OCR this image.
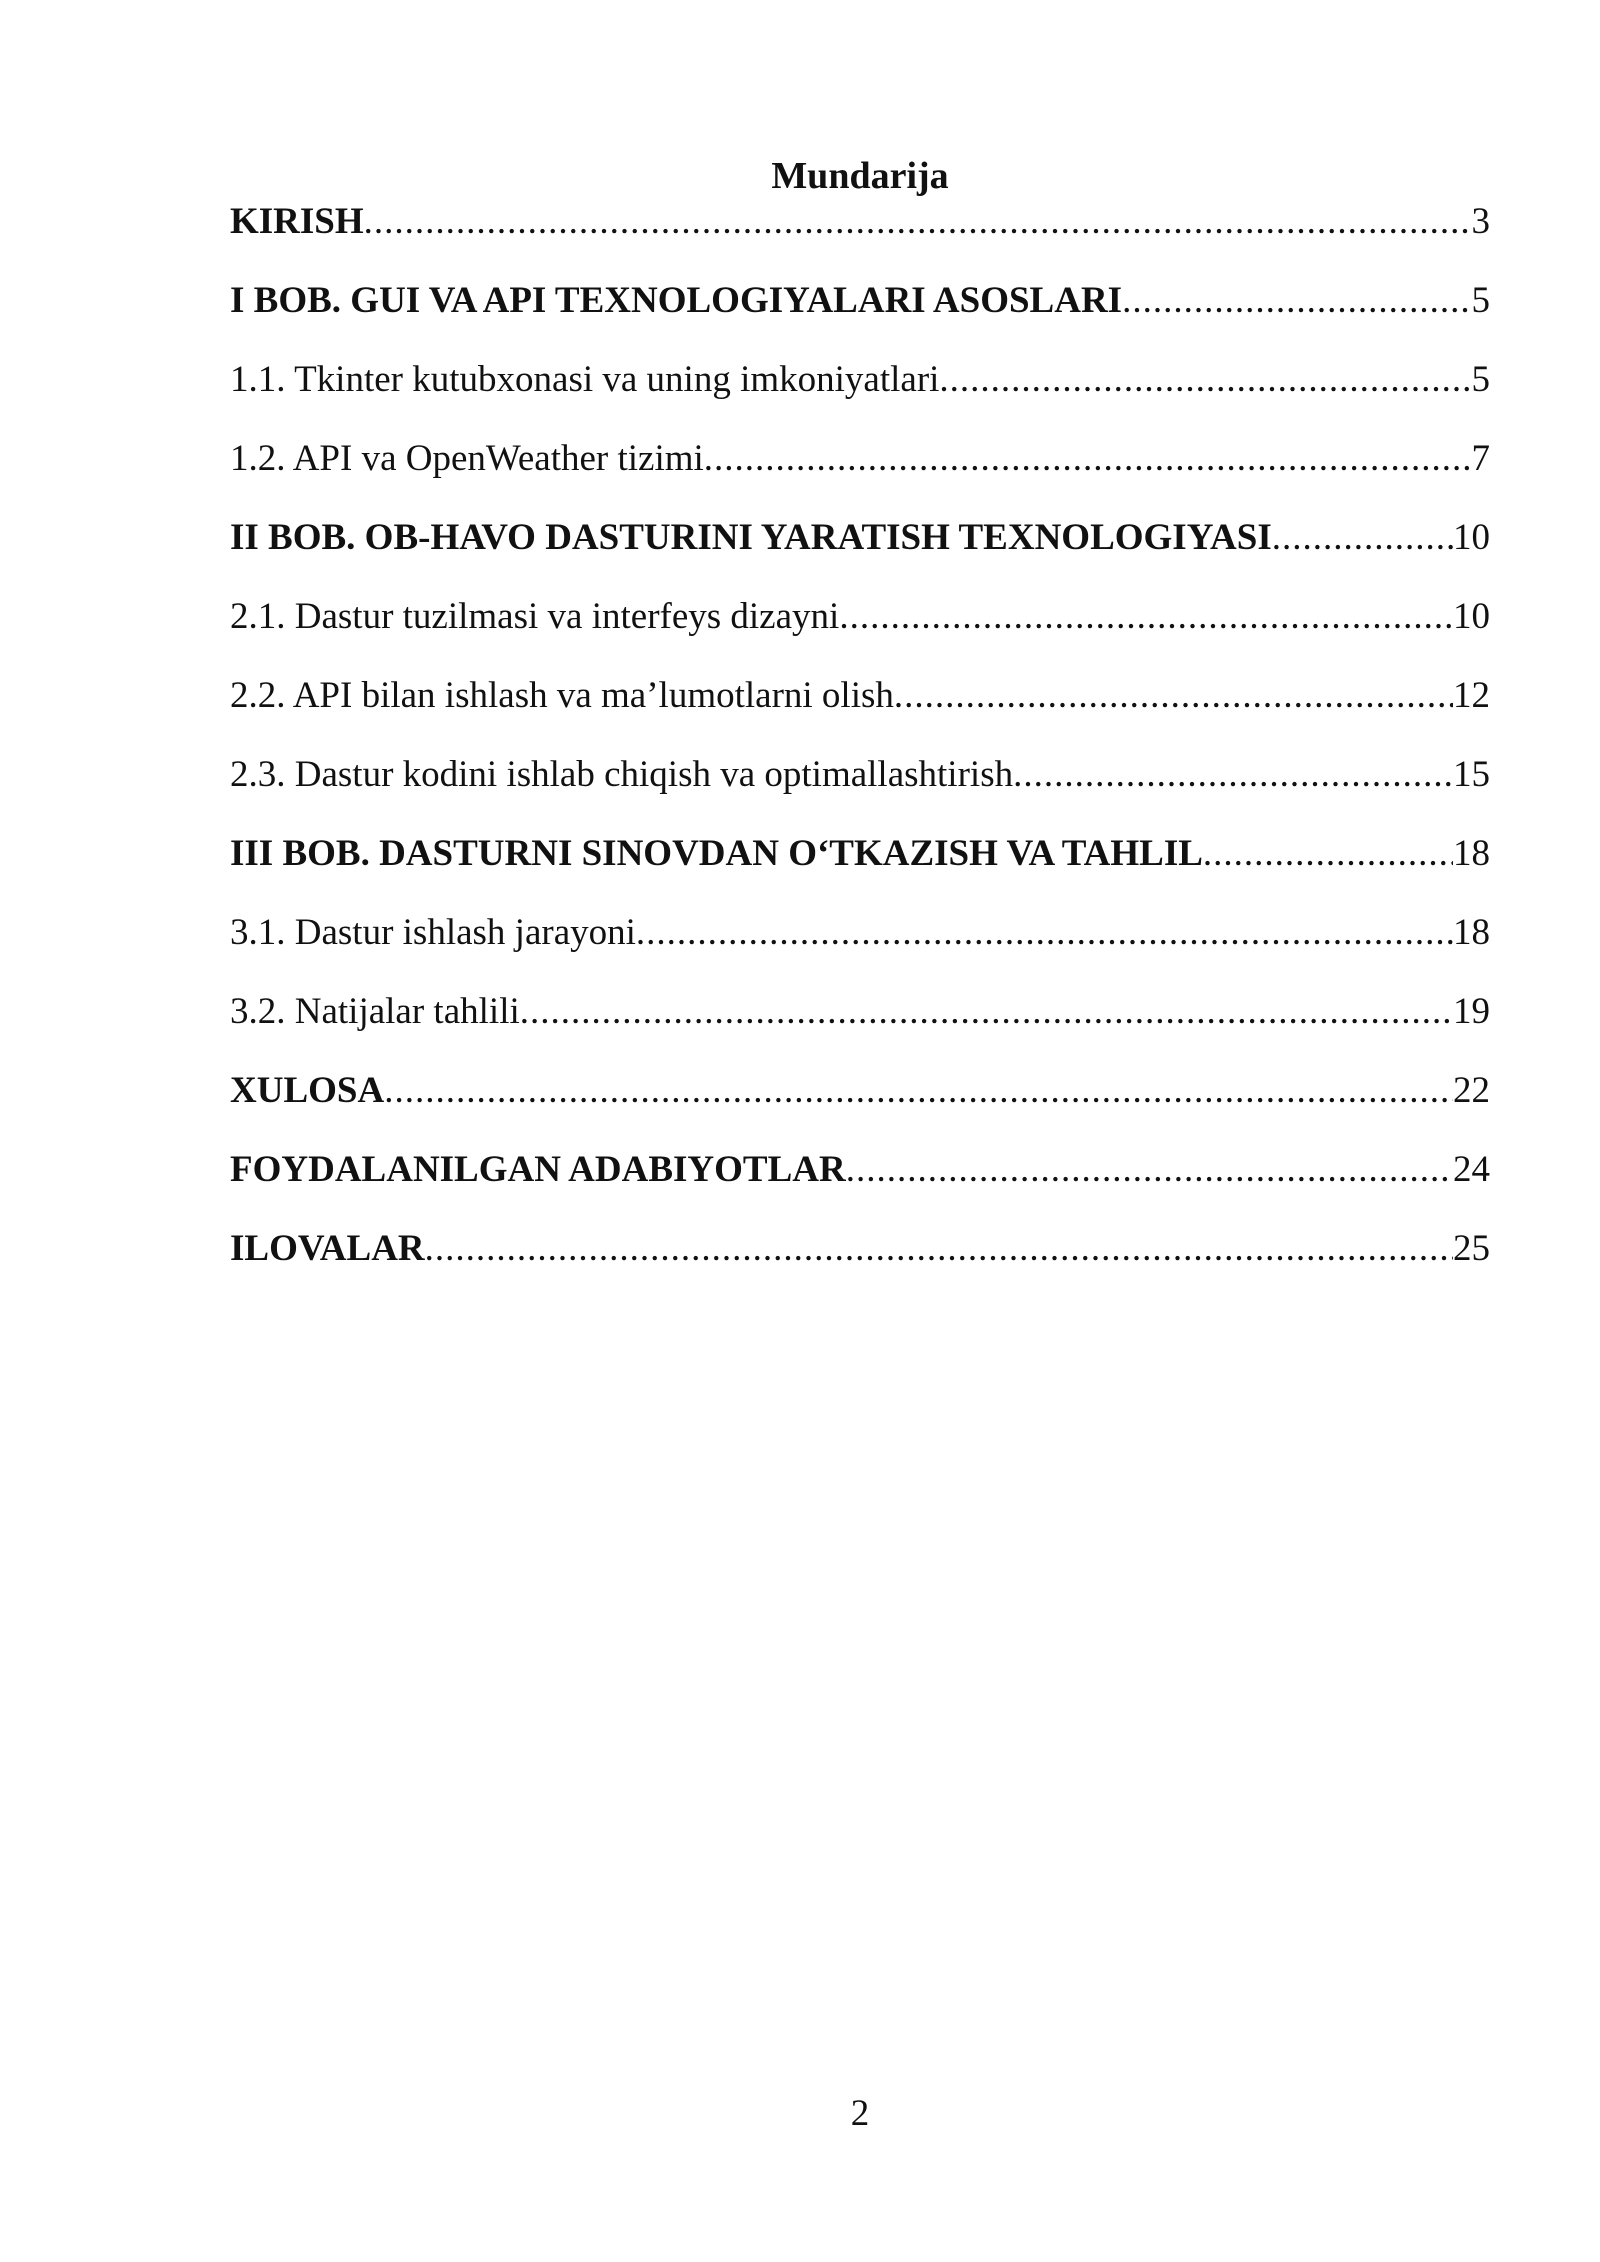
Mundarija
KIRISH .....	3
I BOB. GUI VA API TEXNOLOGIYALARI ASOSLARI .....	5
1.1. Tkinter kutubxonasi va uning imkoniyatlari .....	5
1.2. API va OpenWeather tizimi .....	7
II BOB. OB-HAVO DASTURINI YARATISH TEXNOLOGIYASI .....	10
2.1. Dastur tuzilmasi va interfeys dizayni .....	10
2.2. API bilan ishlash va ma’lumotlarni olish .....	12
2.3. Dastur kodini ishlab chiqish va optimallashtirish .....	15
III BOB. DASTURNI SINOVDAN O‘TKAZISH VA TAHLIL .....	18
3.1. Dastur ishlash jarayoni .....	18
3.2. Natijalar tahlili .....	19
XULOSA .....	22
FOYDALANILGAN ADABIYOTLAR .....	24
ILOVALAR .....	25
2
